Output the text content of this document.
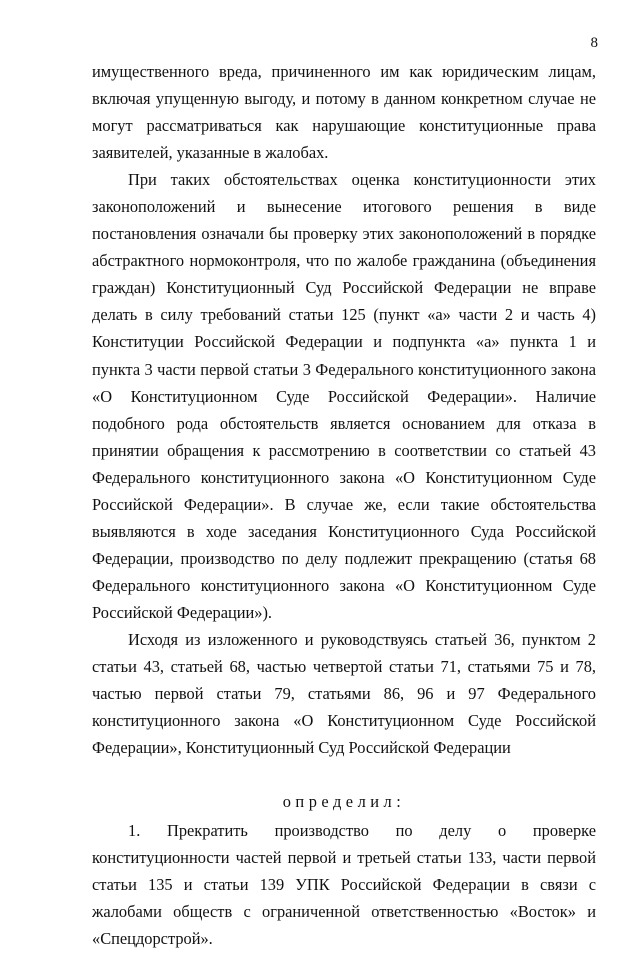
8

имущественного вреда, причиненного им как юридическим лицам, включая упущенную выгоду, и потому в данном конкретном случае не могут рассматриваться как нарушающие конституционные права заявителей, указанные в жалобах.

При таких обстоятельствах оценка конституционности этих законоположений и вынесение итогового решения в виде постановления означали бы проверку этих законоположений в порядке абстрактного нормоконтроля, что по жалобе гражданина (объединения граждан) Конституционный Суд Российской Федерации не вправе делать в силу требований статьи 125 (пункт «а» части 2 и часть 4) Конституции Российской Федерации и подпункта «а» пункта 1 и пункта 3 части первой статьи 3 Федерального конституционного закона «О Конституционном Суде Российской Федерации». Наличие подобного рода обстоятельств является основанием для отказа в принятии обращения к рассмотрению в соответствии со статьей 43 Федерального конституционного закона «О Конституционном Суде Российской Федерации». В случае же, если такие обстоятельства выявляются в ходе заседания Конституционного Суда Российской Федерации, производство по делу подлежит прекращению (статья 68 Федерального конституционного закона «О Конституционном Суде Российской Федерации»).

Исходя из изложенного и руководствуясь статьей 36, пунктом 2 статьи 43, статьей 68, частью четвертой статьи 71, статьями 75 и 78, частью первой статьи 79, статьями 86, 96 и 97 Федерального конституционного закона «О Конституционном Суде Российской Федерации», Конституционный Суд Российской Федерации

определил:

1. Прекратить производство по делу о проверке конституционности частей первой и третьей статьи 133, части первой статьи 135 и статьи 139 УПК Российской Федерации в связи с жалобами обществ с ограниченной ответственностью «Восток» и «Спецдорстрой».
